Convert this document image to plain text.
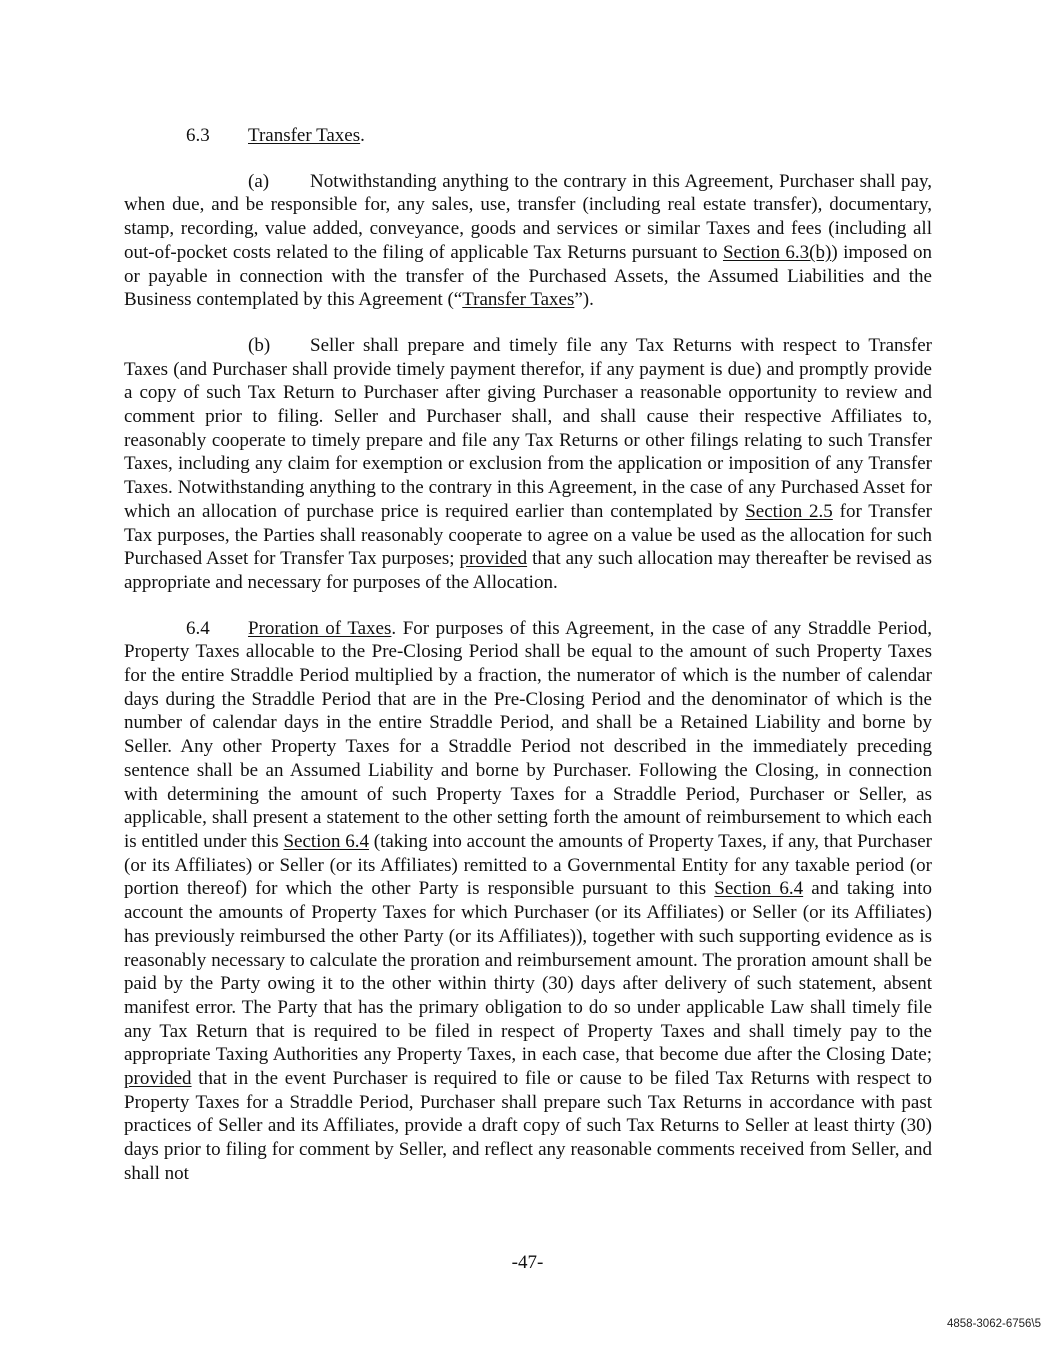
6.3 Transfer Taxes.

(a) Notwithstanding anything to the contrary in this Agreement, Purchaser shall pay, when due, and be responsible for, any sales, use, transfer (including real estate transfer), documentary, stamp, recording, value added, conveyance, goods and services or similar Taxes and fees (including all out-of-pocket costs related to the filing of applicable Tax Returns pursuant to Section 6.3(b)) imposed on or payable in connection with the transfer of the Purchased Assets, the Assumed Liabilities and the Business contemplated by this Agreement (“Transfer Taxes”).

(b) Seller shall prepare and timely file any Tax Returns with respect to Transfer Taxes (and Purchaser shall provide timely payment therefor, if any payment is due) and promptly provide a copy of such Tax Return to Purchaser after giving Purchaser a reasonable opportunity to review and comment prior to filing. Seller and Purchaser shall, and shall cause their respective Affiliates to, reasonably cooperate to timely prepare and file any Tax Returns or other filings relating to such Transfer Taxes, including any claim for exemption or exclusion from the application or imposition of any Transfer Taxes. Notwithstanding anything to the contrary in this Agreement, in the case of any Purchased Asset for which an allocation of purchase price is required earlier than contemplated by Section 2.5 for Transfer Tax purposes, the Parties shall reasonably cooperate to agree on a value be used as the allocation for such Purchased Asset for Transfer Tax purposes; provided that any such allocation may thereafter be revised as appropriate and necessary for purposes of the Allocation.

6.4 Proration of Taxes. For purposes of this Agreement, in the case of any Straddle Period, Property Taxes allocable to the Pre-Closing Period shall be equal to the amount of such Property Taxes for the entire Straddle Period multiplied by a fraction, the numerator of which is the number of calendar days during the Straddle Period that are in the Pre-Closing Period and the denominator of which is the number of calendar days in the entire Straddle Period, and shall be a Retained Liability and borne by Seller. Any other Property Taxes for a Straddle Period not described in the immediately preceding sentence shall be an Assumed Liability and borne by Purchaser. Following the Closing, in connection with determining the amount of such Property Taxes for a Straddle Period, Purchaser or Seller, as applicable, shall present a statement to the other setting forth the amount of reimbursement to which each is entitled under this Section 6.4 (taking into account the amounts of Property Taxes, if any, that Purchaser (or its Affiliates) or Seller (or its Affiliates) remitted to a Governmental Entity for any taxable period (or portion thereof) for which the other Party is responsible pursuant to this Section 6.4 and taking into account the amounts of Property Taxes for which Purchaser (or its Affiliates) or Seller (or its Affiliates) has previously reimbursed the other Party (or its Affiliates)), together with such supporting evidence as is reasonably necessary to calculate the proration and reimbursement amount. The proration amount shall be paid by the Party owing it to the other within thirty (30) days after delivery of such statement, absent manifest error. The Party that has the primary obligation to do so under applicable Law shall timely file any Tax Return that is required to be filed in respect of Property Taxes and shall timely pay to the appropriate Taxing Authorities any Property Taxes, in each case, that become due after the Closing Date; provided that in the event Purchaser is required to file or cause to be filed Tax Returns with respect to Property Taxes for a Straddle Period, Purchaser shall prepare such Tax Returns in accordance with past practices of Seller and its Affiliates, provide a draft copy of such Tax Returns to Seller at least thirty (30) days prior to filing for comment by Seller, and reflect any reasonable comments received from Seller, and shall not

-47-
4858-3062-6756\5
